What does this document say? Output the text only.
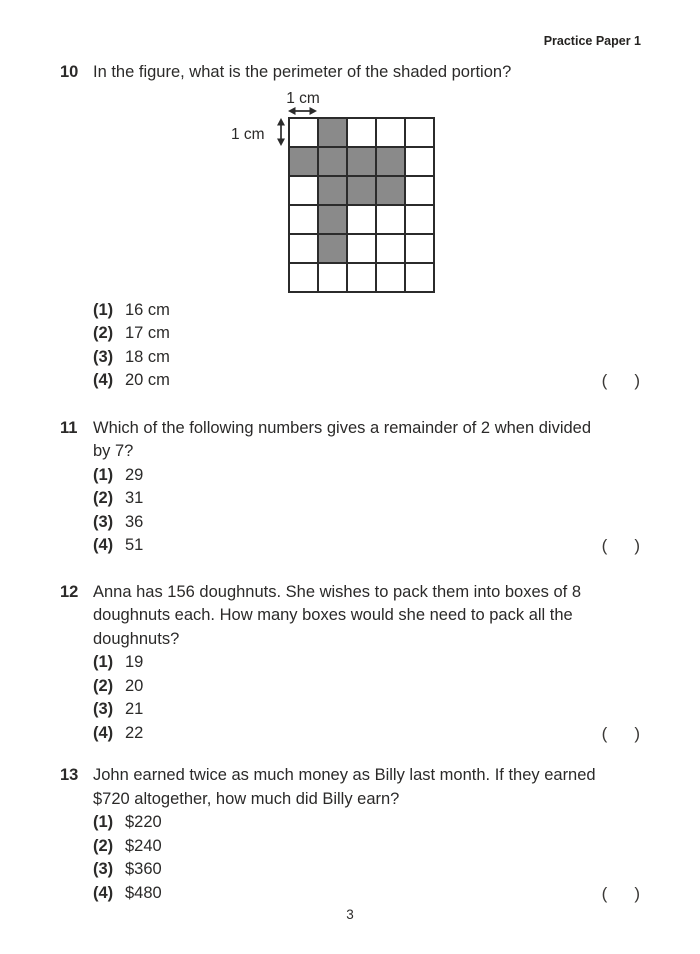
Practice Paper 1
10 In the figure, what is the perimeter of the shaded portion?
1 cm
1 cm
(1) 16 cm
(2) 17 cm
(3) 18 cm
(4) 20 cm	( )
11 Which of the following numbers gives a remainder of 2 when divided
by 7?
(1) 29
(2) 31
(3) 36
(4) 51	( )
12 Anna has 156 doughnuts. She wishes to pack them into boxes of 8
doughnuts each. How many boxes would she need to pack all the
doughnuts?
(1) 19
(2) 20
(3) 21
(4) 22	( )
13 John earned twice as much money as Billy last month. If they earned
$720 altogether, how much did Billy earn?
(1) $220
(2) $240
(3) $360
(4) $480	( )
3
